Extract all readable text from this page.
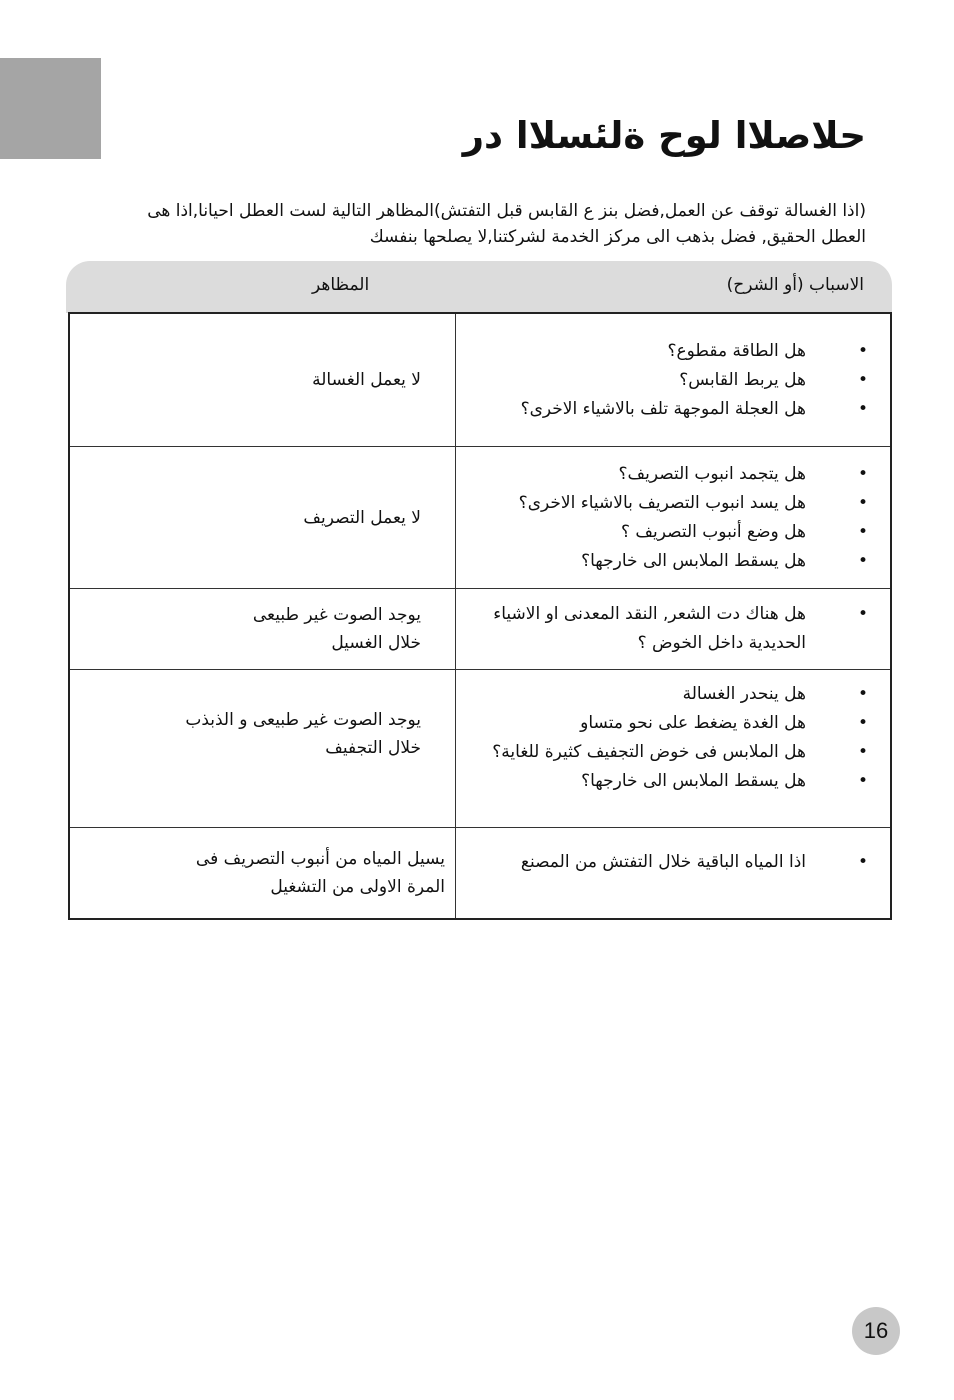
حلاصلاا لوح ةلئسلاا در
(اذا الغسالة توقف عن العمل,فضل بنز ع القابس قبل التفتش)المظاهر التالية لست العطل احيانا,اذا هى العطل الحقيق, فضل بذهب الى مركز الخدمة لشركتنا,لا يصلحها بنفسك
الاسباب (أو الشرح)
المظاهر
لا يعمل الغسالة
•
هل الطاقة مقطوع؟
•
هل يربط القابس؟
•
هل العجلة الموجهة تلف بالاشياء الاخرى؟
لا يعمل التصريف
•
هل يتجمد انبوب التصريف؟
•
هل يسد انبوب التصريف بالاشياء الاخرى؟
•
هل وضع أنبوب التصريف ؟
•
هل يسقط الملابس الى خارجها؟
يوجد الصوت غير طبيعى
خلال الغسيل
•
هل هناك دت الشعر, النقد المعدنى او الاشياء الحديدية داخل الخوض ؟
يوجد الصوت غير طبيعى و الذبذب
خلال التجفيف
•
هل ينحدر الغسالة
•
هل الغدة يضغط على نحو متساو
•
هل الملابس فى خوض التجفيف كثيرة للغاية؟
•
هل يسقط الملابس الى خارجها؟
يسيل المياه من أنبوب التصريف فى
المرة الاولى من التشغيل
•
اذا المياه الباقية خلال التفتش من المصنع
16
